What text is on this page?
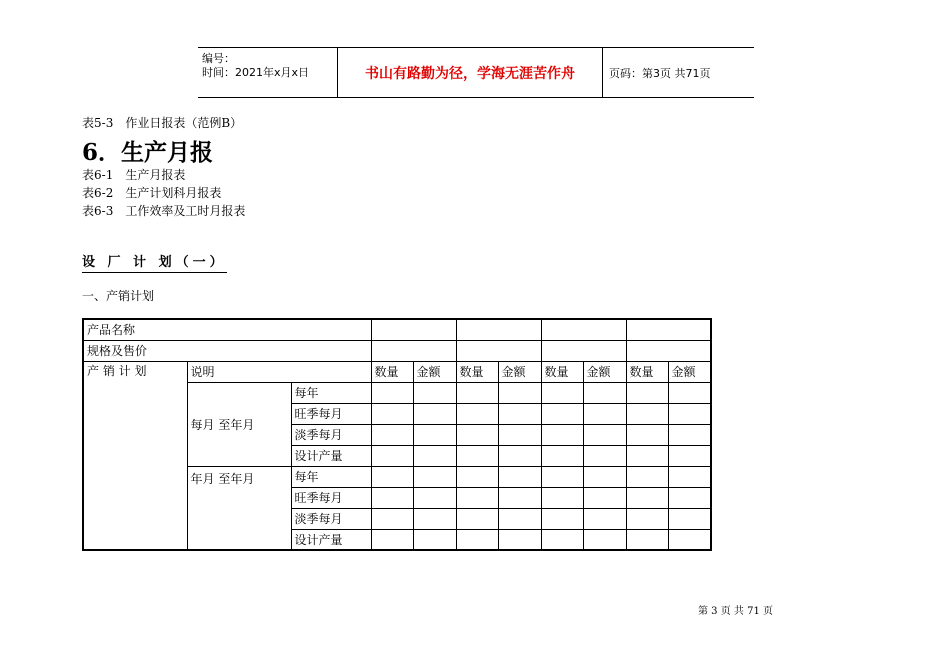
编号：
时间：2021年x月x日	书山有路勤为径，学海无涯苦作舟	页码：第3页 共71页
表5-3　作业日报表（范例B）
6．生产月报
表6-1　生产月报表
表6-2　生产计划科月报表
表6-3　工作效率及工时月报表
设 厂 计 划（一）
一、产销计划
产品名称										
规格及售价										
产 销 计 划	说明		数量	金额	数量	金额	数量	金额	数量	金额
	每月 至年月	每年								
		旺季每月								
		淡季每月								
		设计产量								
	年月 至年月	每年								
		旺季每月								
		淡季每月								
		设计产量								
第 3 页 共 71 页
